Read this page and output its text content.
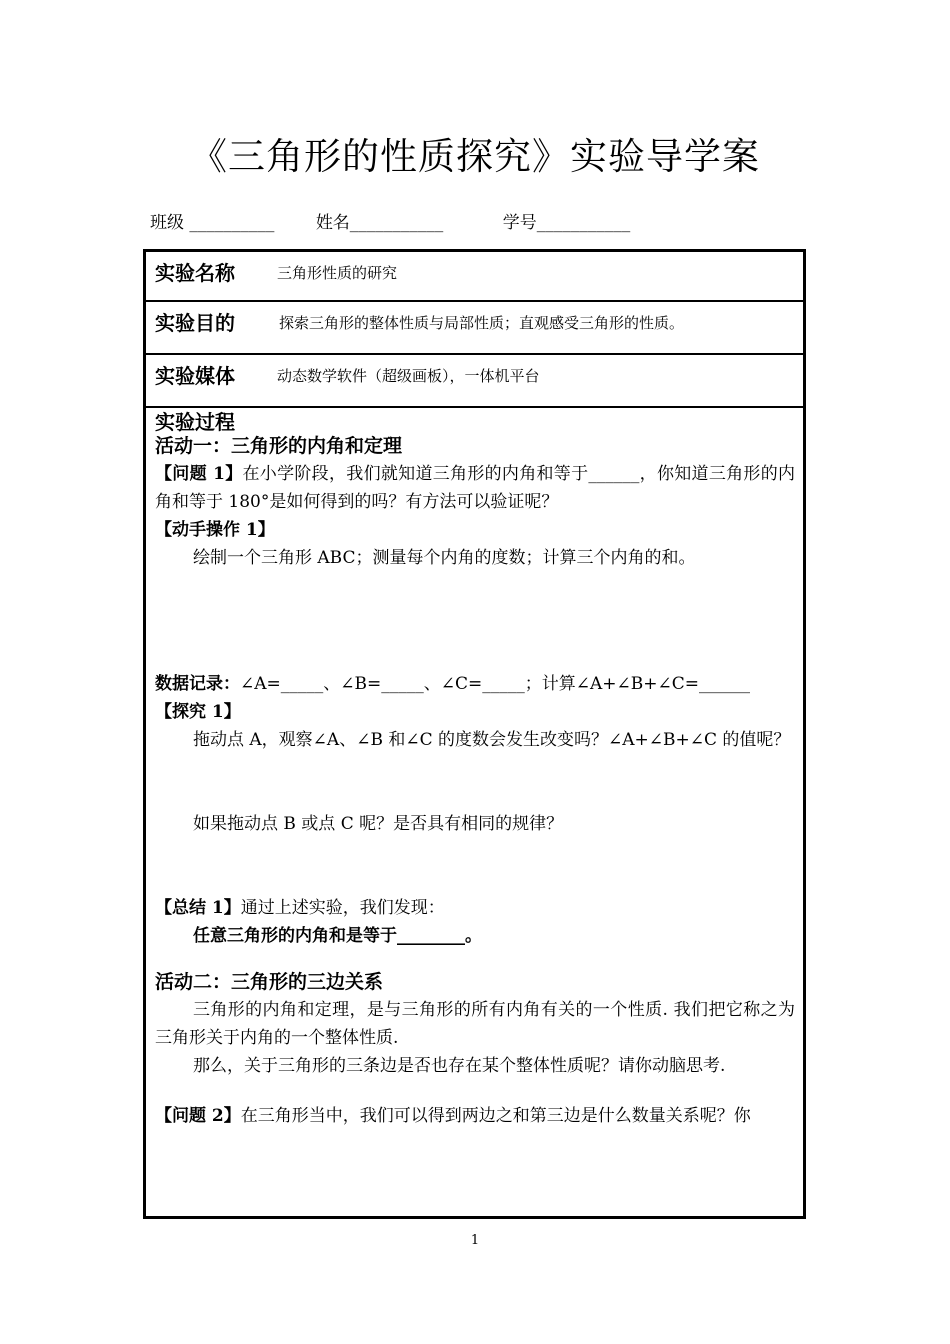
《三角形的性质探究》实验导学案
班级 __________ 姓名___________	学号___________
实验名称	三角形性质的研究
实验目的	探索三角形的整体性质与局部性质；直观感受三角形的性质。
实验媒体	动态数学软件（超级画板），一体机平台
实验过程
活动一：三角形的内角和定理

【问题 1】在小学阶段，我们就知道三角形的内角和等于______，你知道三角形的内角和等于 180°是如何得到的吗？有方法可以验证呢？

【动手操作 1】

绘制一个三角形 ABC；测量每个内角的度数；计算三个内角的和。

数据记录：∠A=_____、∠B=_____、∠C=_____；计算∠A+∠B+∠C=______

【探究 1】

拖动点 A，观察∠A、∠B 和∠C 的度数会发生改变吗？∠A+∠B+∠C 的值呢？

如果拖动点 B 或点 C 呢？是否具有相同的规律？

【总结 1】通过上述实验，我们发现：

任意三角形的内角和是等于________。

活动二：三角形的三边关系

三角形的内角和定理，是与三角形的所有内角有关的一个性质. 我们把它称之为三角形关于内角的一个整体性质.

那么，关于三角形的三条边是否也存在某个整体性质呢？请你动脑思考.

【问题 2】在三角形当中，我们可以得到两边之和第三边是什么数量关系呢？你

1
